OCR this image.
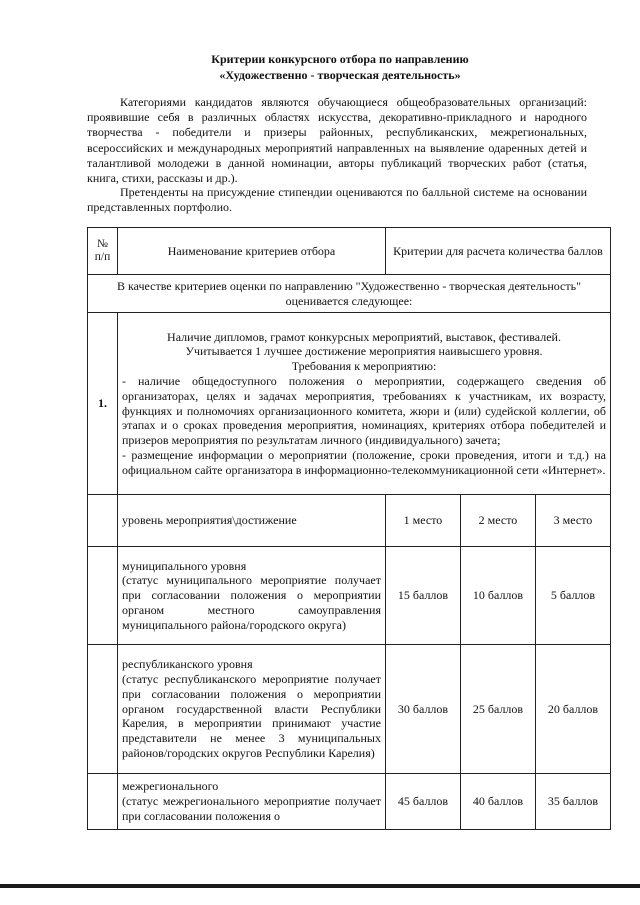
Критерии конкурсного отбора по направлению
«Художественно - творческая деятельность»
Категориями кандидатов являются обучающиеся общеобразовательных организаций: проявившие себя в различных областях искусства, декоративно-прикладного и народного творчества - победители и призеры районных, республиканских, межрегиональных, всероссийских и международных мероприятий направленных на выявление одаренных детей и талантливой молодежи в данной номинации, авторы публикаций творческих работ (статья, книга, стихи, рассказы и др.).
Претенденты на присуждение стипендии оцениваются по балльной системе на основании представленных портфолио.
№
п/п	Наименование критериев отбора	Критерии для расчета количества баллов		
В качестве критериев оценки по направлению "Художественно - творческая деятельность" оценивается следующее:				
1.	Наличие дипломов, грамот конкурсных мероприятий, выставок, фестивалей.
Учитывается 1 лучшее достижение мероприятия наивысшего уровня.
Требования к мероприятию:
- наличие общедоступного положения о мероприятии, содержащего сведения об организаторах, целях и задачах мероприятия, требованиях к участникам, их возрасту, функциях и полномочиях организационного комитета, жюри и (или) судейской коллегии, об этапах и о сроках проведения мероприятия, номинациях, критериях отбора победителей и призеров мероприятия по результатам личного (индивидуального) зачета;
- размещение информации о мероприятии (положение, сроки проведения, итоги и т.д.) на официальном сайте организатора в информационно-телекоммуникационной сети «Интернет».			

	уровень мероприятия\достижение	1 место	2 место	3 место

	муниципального уровня
(статус муниципального мероприятие получает при согласовании положения о мероприятии органом местного самоуправления муниципального района/городского округа)	15 баллов	10 баллов	5 баллов

	республиканского уровня
(статус республиканского мероприятие получает при согласовании положения о мероприятии органом государственной власти Республики Карелия, в мероприятии принимают участие представители не менее 3 муниципальных районов/городских округов Республики Карелия)	30 баллов	25 баллов	20 баллов

	межрегионального
(статус межрегионального мероприятие получает при согласовании положения о	45 баллов	40 баллов	35 баллов
